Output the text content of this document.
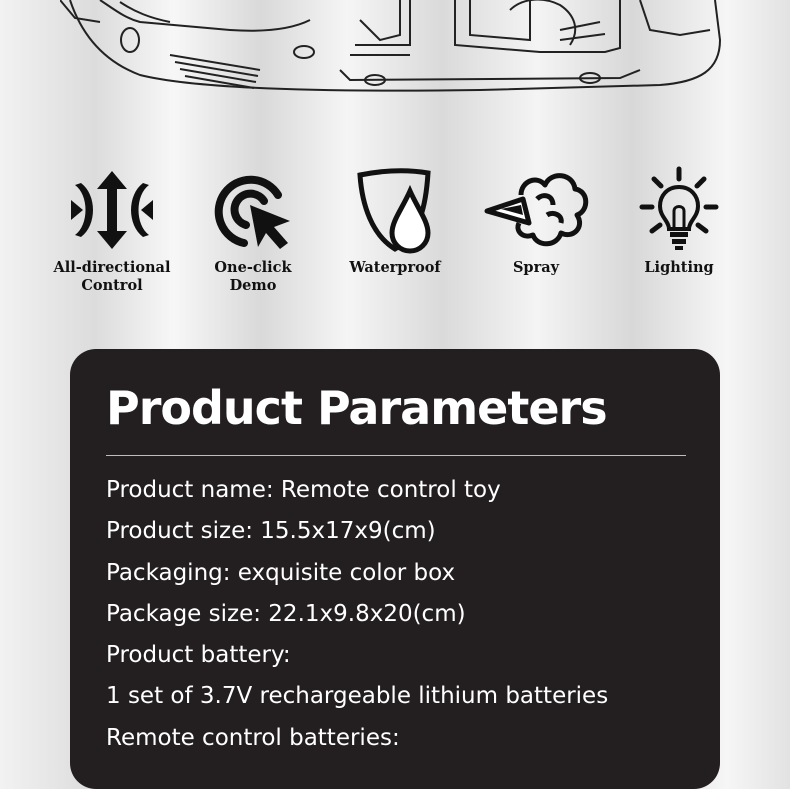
All-directional
Control
One-click
Demo
Waterproof	Spray	Lighting
Product Parameters
Product name: Remote control toy
Product size: 15.5x17x9(cm)
Packaging: exquisite color box
Package size: 22.1x9.8x20(cm)
Product battery:
1 set of 3.7V rechargeable lithium batteries
Remote control batteries:
